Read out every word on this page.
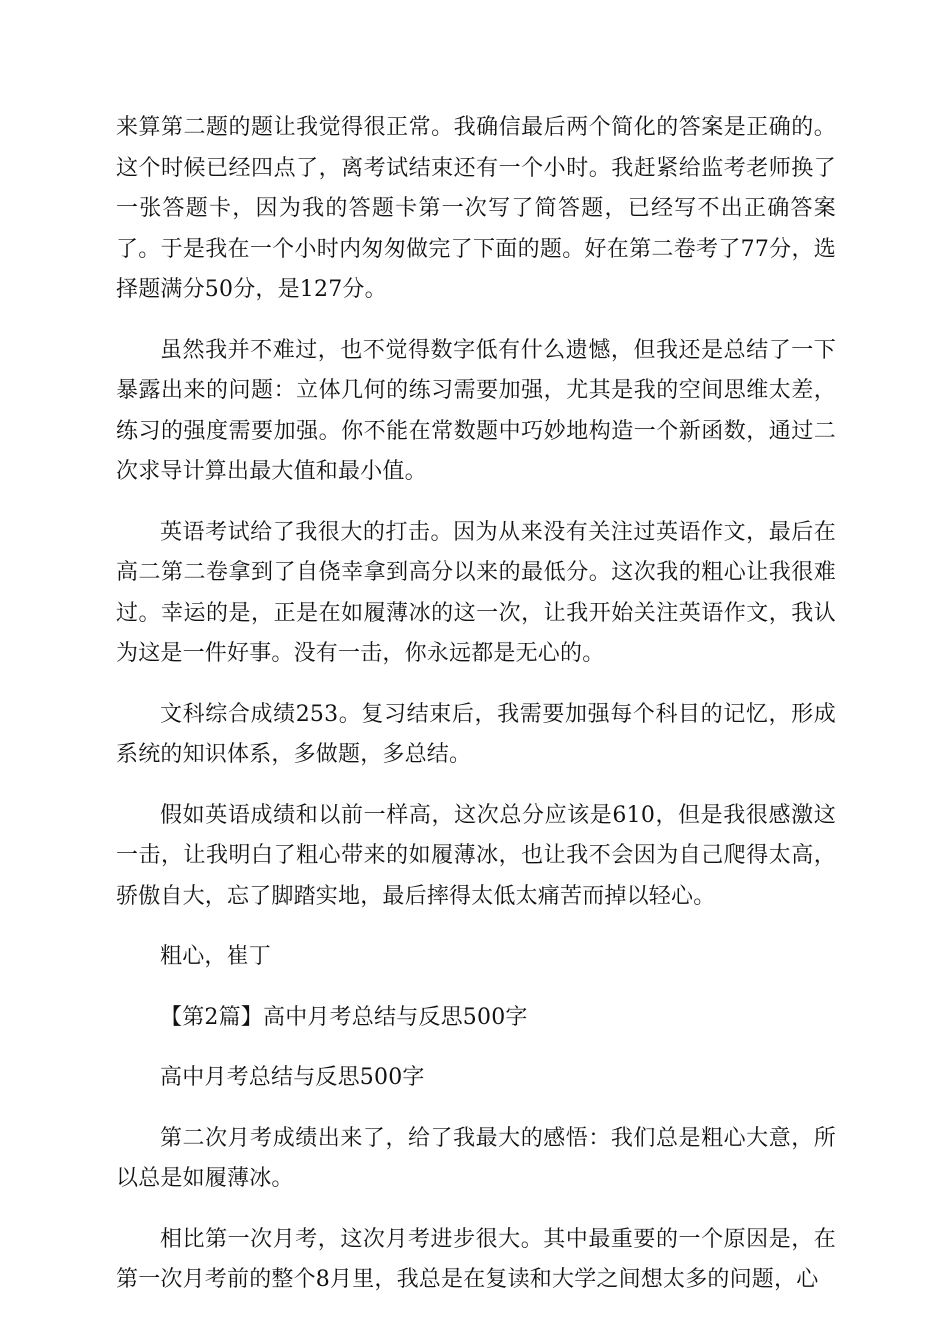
来算第二题的题让我觉得很正常。我确信最后两个简化的答案是正确的。这个时候已经四点了，离考试结束还有一个小时。我赶紧给监考老师换了一张答题卡，因为我的答题卡第一次写了简答题，已经写不出正确答案了。于是我在一个小时内匆匆做完了下面的题。好在第二卷考了77分，选择题满分50分，是127分。

虽然我并不难过，也不觉得数字低有什么遗憾，但我还是总结了一下暴露出来的问题：立体几何的练习需要加强，尤其是我的空间思维太差，练习的强度需要加强。你不能在常数题中巧妙地构造一个新函数，通过二次求导计算出最大值和最小值。

英语考试给了我很大的打击。因为从来没有关注过英语作文，最后在高二第二卷拿到了自侥幸拿到高分以来的最低分。这次我的粗心让我很难过。幸运的是，正是在如履薄冰的这一次，让我开始关注英语作文，我认为这是一件好事。没有一击，你永远都是无心的。

文科综合成绩253。复习结束后，我需要加强每个科目的记忆，形成系统的知识体系，多做题，多总结。

假如英语成绩和以前一样高，这次总分应该是610，但是我很感激这一击，让我明白了粗心带来的如履薄冰，也让我不会因为自己爬得太高，骄傲自大，忘了脚踏实地，最后摔得太低太痛苦而掉以轻心。

粗心，崔丁

【第2篇】高中月考总结与反思500字

高中月考总结与反思500字

第二次月考成绩出来了，给了我最大的感悟：我们总是粗心大意，所以总是如履薄冰。

相比第一次月考，这次月考进步很大。其中最重要的一个原因是，在第一次月考前的整个8月里，我总是在复读和大学之间想太多的问题，心
